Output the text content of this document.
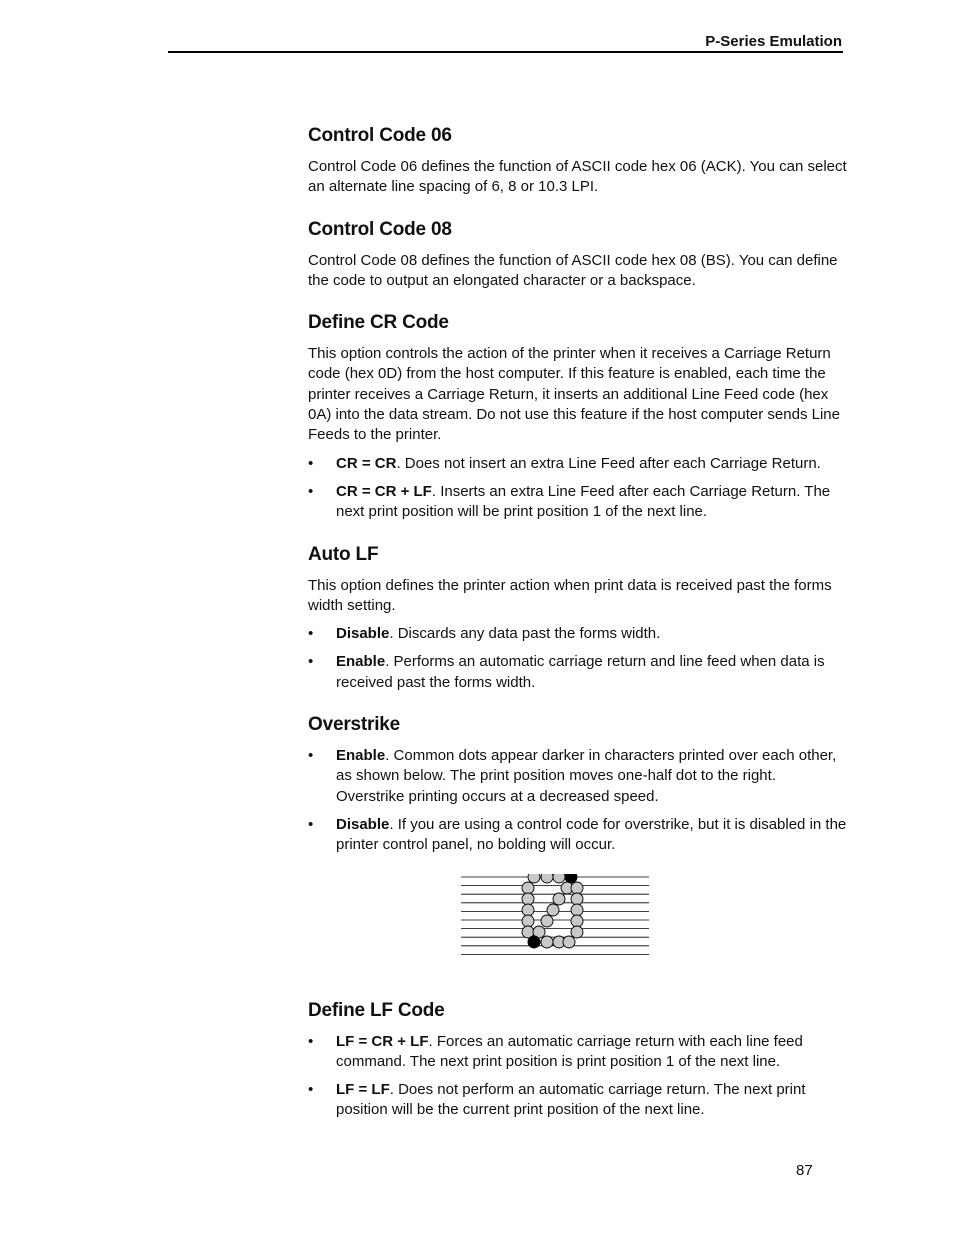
P-Series Emulation
Control Code 06

Control Code 06 defines the function of ASCII code hex 06 (ACK). You can select an alternate line spacing of 6, 8 or 10.3 LPI.

Control Code 08

Control Code 08 defines the function of ASCII code hex 08 (BS). You can define the code to output an elongated character or a backspace.

Define CR Code

This option controls the action of the printer when it receives a Carriage Return code (hex 0D) from the host computer. If this feature is enabled, each time the printer receives a Carriage Return, it inserts an additional Line Feed code (hex 0A) into the data stream. Do not use this feature if the host computer sends Line Feeds to the printer.

• CR = CR. Does not insert an extra Line Feed after each Carriage Return.
• CR = CR + LF. Inserts an extra Line Feed after each Carriage Return. The next print position will be print position 1 of the next line.
Auto LF

This option defines the printer action when print data is received past the forms width setting.

• Disable. Discards any data past the forms width.
• Enable. Performs an automatic carriage return and line feed when data is received past the forms width.
Overstrike
• Enable. Common dots appear darker in characters printed over each other, as shown below. The print position moves one-half dot to the right. Overstrike printing occurs at a decreased speed.
• Disable. If you are using a control code for overstrike, but it is disabled in the printer control panel, no bolding will occur.
Define LF Code
• LF = CR + LF. Forces an automatic carriage return with each line feed command. The next print position is print position 1 of the next line.
• LF = LF. Does not perform an automatic carriage return. The next print position will be the current print position of the next line.
87
